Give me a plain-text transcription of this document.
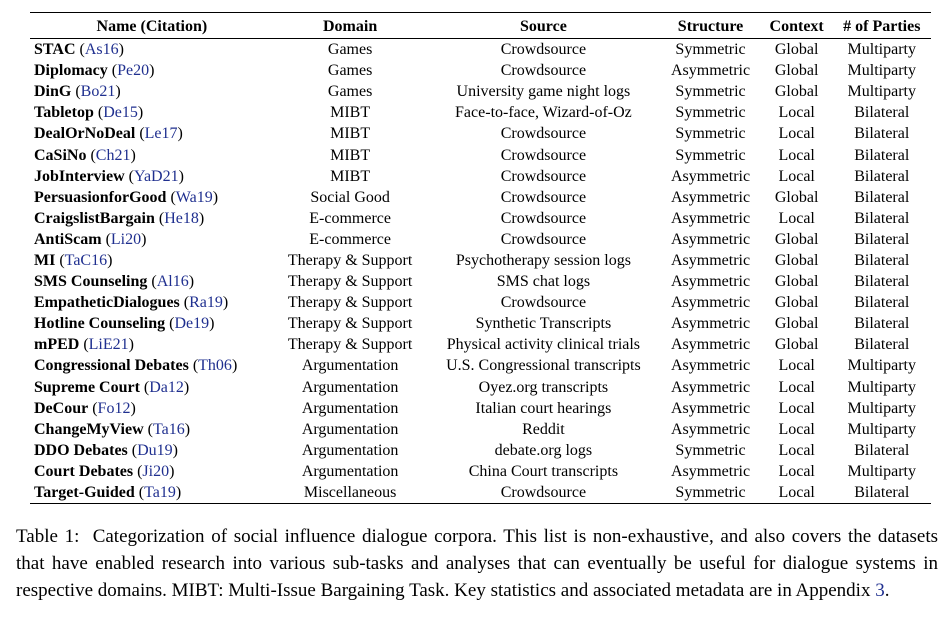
Name (Citation)	Domain	Source	Structure	Context	# of Parties
STAC (As16)	Games	Crowdsource	Symmetric	Global	Multiparty
Diplomacy (Pe20)	Games	Crowdsource	Asymmetric	Global	Multiparty
DinG (Bo21)	Games	University game night logs	Symmetric	Global	Multiparty
Tabletop (De15)	MIBT	Face-to-face, Wizard-of-Oz	Symmetric	Local	Bilateral
DealOrNoDeal (Le17)	MIBT	Crowdsource	Symmetric	Local	Bilateral
CaSiNo (Ch21)	MIBT	Crowdsource	Symmetric	Local	Bilateral
JobInterview (YaD21)	MIBT	Crowdsource	Asymmetric	Local	Bilateral
PersuasionforGood (Wa19)	Social Good	Crowdsource	Asymmetric	Global	Bilateral
CraigslistBargain (He18)	E-commerce	Crowdsource	Asymmetric	Local	Bilateral
AntiScam (Li20)	E-commerce	Crowdsource	Asymmetric	Global	Bilateral
MI (TaC16)	Therapy & Support	Psychotherapy session logs	Asymmetric	Global	Bilateral
SMS Counseling (Al16)	Therapy & Support	SMS chat logs	Asymmetric	Global	Bilateral
EmpatheticDialogues (Ra19)	Therapy & Support	Crowdsource	Asymmetric	Global	Bilateral
Hotline Counseling (De19)	Therapy & Support	Synthetic Transcripts	Asymmetric	Global	Bilateral
mPED (LiE21)	Therapy & Support	Physical activity clinical trials	Asymmetric	Global	Bilateral
Congressional Debates (Th06)	Argumentation	U.S. Congressional transcripts	Asymmetric	Local	Multiparty
Supreme Court (Da12)	Argumentation	Oyez.org transcripts	Asymmetric	Local	Multiparty
DeCour (Fo12)	Argumentation	Italian court hearings	Asymmetric	Local	Multiparty
ChangeMyView (Ta16)	Argumentation	Reddit	Asymmetric	Local	Multiparty
DDO Debates (Du19)	Argumentation	debate.org logs	Symmetric	Local	Bilateral
Court Debates (Ji20)	Argumentation	China Court transcripts	Asymmetric	Local	Multiparty
Target-Guided (Ta19)	Miscellaneous	Crowdsource	Symmetric	Local	Bilateral
Table 1: Categorization of social influence dialogue corpora. This list is non-exhaustive, and also covers the datasets that have enabled research into various sub-tasks and analyses that can eventually be useful for dialogue systems in respective domains. MIBT: Multi-Issue Bargaining Task. Key statistics and associated metadata are in Appendix 3.
